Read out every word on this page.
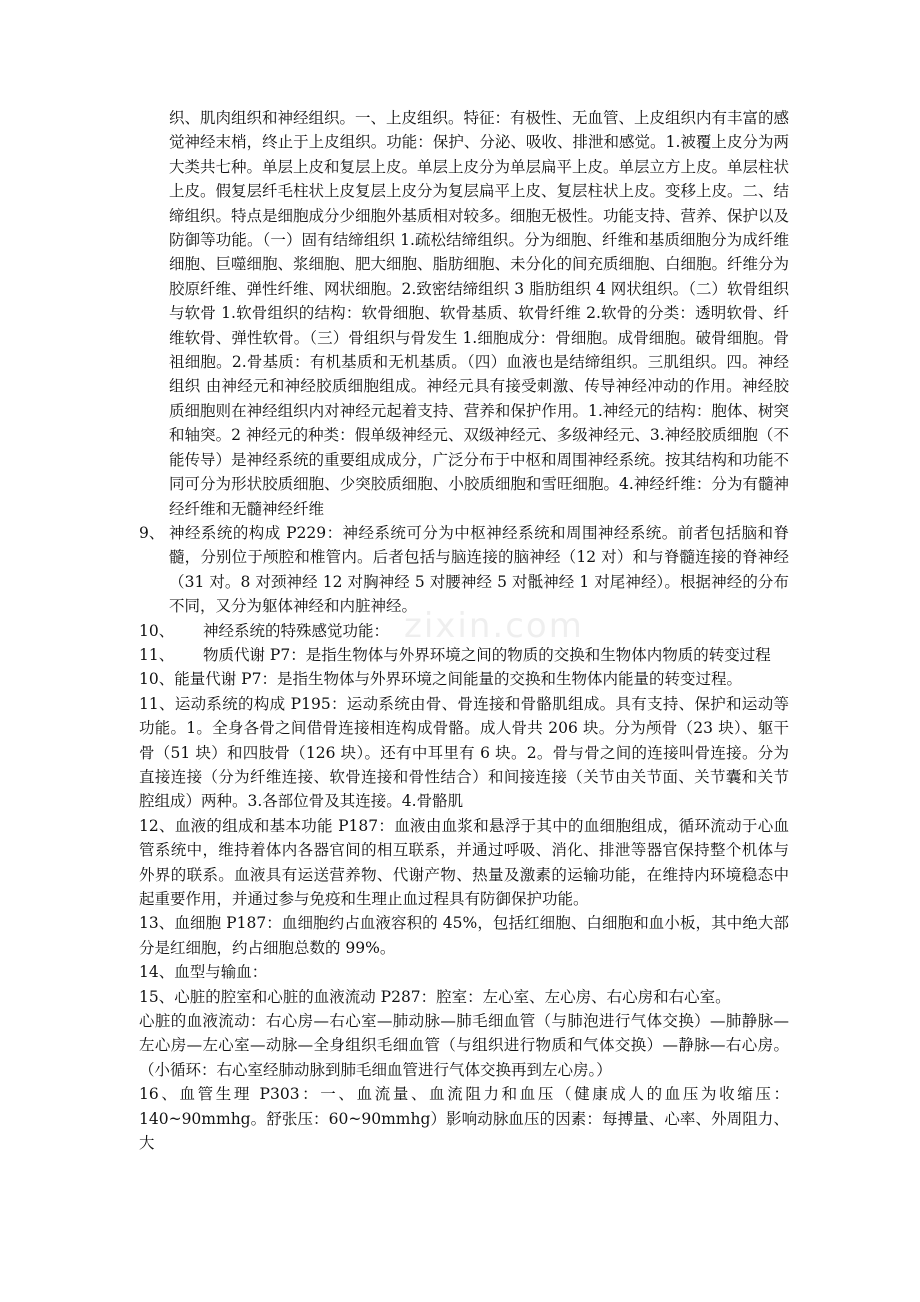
织、肌肉组织和神经组织。一、上皮组织。特征：有极性、无血管、上皮组织内有丰富的感觉神经末梢，终止于上皮组织。功能：保护、分泌、吸收、排泄和感觉。1.被覆上皮分为两大类共七种。单层上皮和复层上皮。单层上皮分为单层扁平上皮。单层立方上皮。单层柱状上皮。假复层纤毛柱状上皮复层上皮分为复层扁平上皮、复层柱状上皮。变移上皮。二、结缔组织。特点是细胞成分少细胞外基质相对较多。细胞无极性。功能支持、营养、保护以及防御等功能。（一）固有结缔组织 1.疏松结缔组织。分为细胞、纤维和基质细胞分为成纤维细胞、巨噬细胞、浆细胞、肥大细胞、脂肪细胞、未分化的间充质细胞、白细胞。纤维分为胶原纤维、弹性纤维、网状细胞。2.致密结缔组织 3 脂肪组织 4 网状组织。（二）软骨组织与软骨 1.软骨组织的结构：软骨细胞、软骨基质、软骨纤维 2.软骨的分类：透明软骨、纤维软骨、弹性软骨。（三）骨组织与骨发生 1.细胞成分：骨细胞。成骨细胞。破骨细胞。骨祖细胞。2.骨基质：有机基质和无机基质。（四）血液也是结缔组织。三肌组织。四。神经组织 由神经元和神经胶质细胞组成。神经元具有接受刺激、传导神经冲动的作用。神经胶质细胞则在神经组织内对神经元起着支持、营养和保护作用。1.神经元的结构：胞体、树突和轴突。2 神经元的种类：假单级神经元、双级神经元、多级神经元、3.神经胶质细胞（不能传导）是神经系统的重要组成成分，广泛分布于中枢和周围神经系统。按其结构和功能不同可分为形状胶质细胞、少突胶质细胞、小胶质细胞和雪旺细胞。4.神经纤维：分为有髓神经纤维和无髓神经纤维

9、 神经系统的构成 P229：神经系统可分为中枢神经系统和周围神经系统。前者包括脑和脊髓，分别位于颅腔和椎管内。后者包括与脑连接的脑神经（12 对）和与脊髓连接的脊神经（31 对。8 对颈神经 12 对胸神经 5 对腰神经 5 对骶神经 1 对尾神经）。根据神经的分布不同，又分为躯体神经和内脏神经。
10、	神经系统的特殊感觉功能：
11、	物质代谢 P7：是指生物体与外界环境之间的物质的交换和生物体内物质的转变过程

10、能量代谢 P7：是指生物体与外界环境之间能量的交换和生物体内能量的转变过程。

11、运动系统的构成 P195：运动系统由骨、骨连接和骨骼肌组成。具有支持、保护和运动等功能。1。全身各骨之间借骨连接相连构成骨骼。成人骨共 206 块。分为颅骨（23 块）、躯干骨（51 块）和四肢骨（126 块）。还有中耳里有 6 块。2。骨与骨之间的连接叫骨连接。分为直接连接（分为纤维连接、软骨连接和骨性结合）和间接连接（关节由关节面、关节囊和关节腔组成）两种。3.各部位骨及其连接。4.骨骼肌

12、血液的组成和基本功能 P187：血液由血浆和悬浮于其中的血细胞组成，循环流动于心血管系统中，维持着体内各器官间的相互联系，并通过呼吸、消化、排泄等器官保持整个机体与外界的联系。血液具有运送营养物、代谢产物、热量及激素的运输功能，在维持内环境稳态中起重要作用，并通过参与免疫和生理止血过程具有防御保护功能。

13、血细胞 P187：血细胞约占血液容积的 45%，包括红细胞、白细胞和血小板，其中绝大部分是红细胞，约占细胞总数的 99%。

14、血型与输血：

15、心脏的腔室和心脏的血液流动 P287：腔室：左心室、左心房、右心房和右心室。

心脏的血液流动：右心房—右心室—肺动脉—肺毛细血管（与肺泡进行气体交换）—肺静脉—左心房—左心室—动脉—全身组织毛细血管（与组织进行物质和气体交换）—静脉—右心房。（小循环：右心室经肺动脉到肺毛细血管进行气体交换再到左心房。）

16、血管生理 P303：一、血流量、血流阻力和血压（健康成人的血压为收缩压：140~90mmhg。舒张压：60~90mmhg）影响动脉血压的因素：每搏量、心率、外周阻力、大

zixin.com
